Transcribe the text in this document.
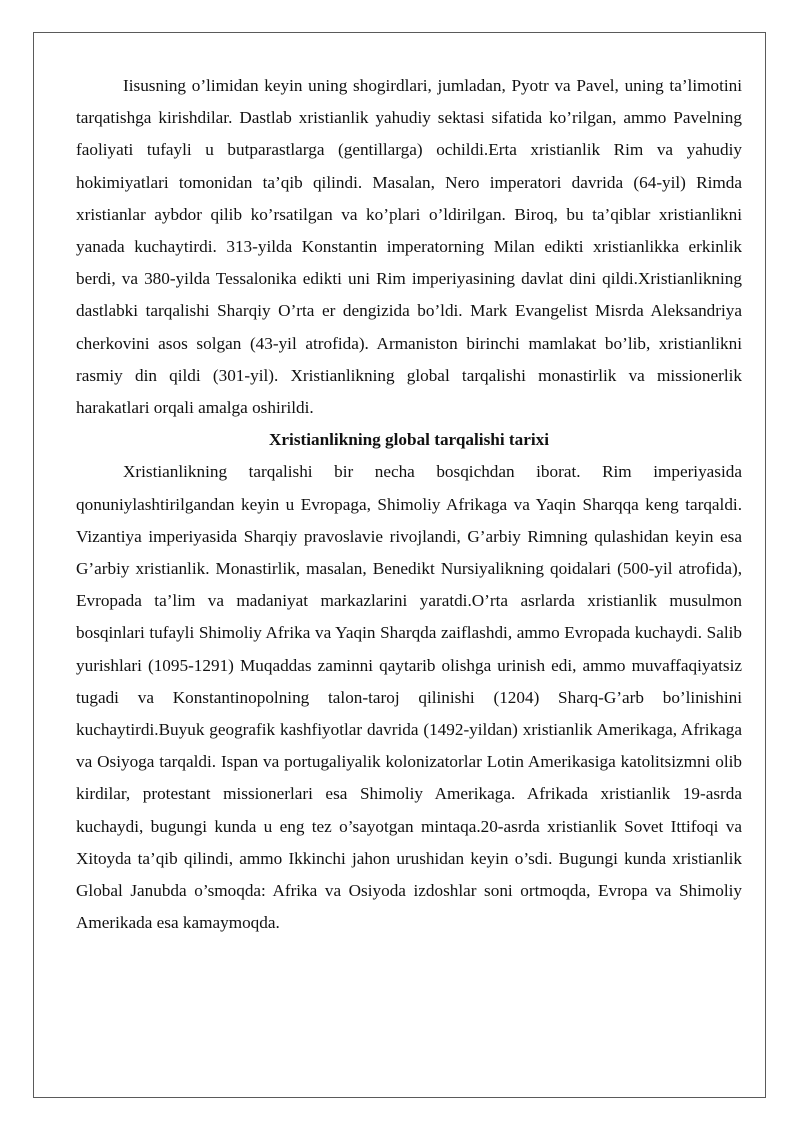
Iisusning o’limidan keyin uning shogirdlari, jumladan, Pyotr va Pavel, uning ta’limotini tarqatishga kirishdilar. Dastlab xristianlik yahudiy sektasi sifatida ko’rilgan, ammo Pavelning faoliyati tufayli u butparastlarga (gentillarga) ochildi.Erta xristianlik Rim va yahudiy hokimiyatlari tomonidan ta’qib qilindi. Masalan, Nero imperatori davrida (64-yil) Rimda xristianlar aybdor qilib ko’rsatilgan va ko’plari o’ldirilgan. Biroq, bu ta’qiblar xristianlikni yanada kuchaytirdi. 313-yilda Konstantin imperatorning Milan edikti xristianlikka erkinlik berdi, va 380-yilda Tessalonika edikti uni Rim imperiyasining davlat dini qildi.Xristianlikning dastlabki tarqalishi Sharqiy O’rta er dengizida bo’ldi. Mark Evangelist Misrda Aleksandriya cherkovini asos solgan (43-yil atrofida). Armaniston birinchi mamlakat bo’lib, xristianlikni rasmiy din qildi (301-yil). Xristianlikning global tarqalishi monastirlik va missionerlik harakatlari orqali amalga oshirildi.

Xristianlikning global tarqalishi tarixi

Xristianlikning tarqalishi bir necha bosqichdan iborat. Rim imperiyasida qonuniylashtirilgandan keyin u Evropaga, Shimoliy Afrikaga va Yaqin Sharqqa keng tarqaldi. Vizantiya imperiyasida Sharqiy pravoslavie rivojlandi, G’arbiy Rimning qulashidan keyin esa G’arbiy xristianlik. Monastirlik, masalan, Benedikt Nursiyalikning qoidalari (500-yil atrofida), Evropada ta’lim va madaniyat markazlarini yaratdi.O’rta asrlarda xristianlik musulmon bosqinlari tufayli Shimoliy Afrika va Yaqin Sharqda zaiflashdi, ammo Evropada kuchaydi. Salib yurishlari (1095-1291) Muqaddas zaminni qaytarib olishga urinish edi, ammo muvaffaqiyatsiz tugadi va Konstantinopolning talon-taroj qilinishi (1204) Sharq-G’arb bo’linishini kuchaytirdi.Buyuk geografik kashfiyotlar davrida (1492-yildan) xristianlik Amerikaga, Afrikaga va Osiyoga tarqaldi. Ispan va portugaliyalik kolonizatorlar Lotin Amerikasiga katolitsizmni olib kirdilar, protestant missionerlari esa Shimoliy Amerikaga. Afrikada xristianlik 19-asrda kuchaydi, bugungi kunda u eng tez o’sayotgan mintaqa.20-asrda xristianlik Sovet Ittifoqi va Xitoyda ta’qib qilindi, ammo Ikkinchi jahon urushidan keyin o’sdi. Bugungi kunda xristianlik Global Janubda o’smoqda: Afrika va Osiyoda izdoshlar soni ortmoqda, Evropa va Shimoliy Amerikada esa kamaymoqda.
